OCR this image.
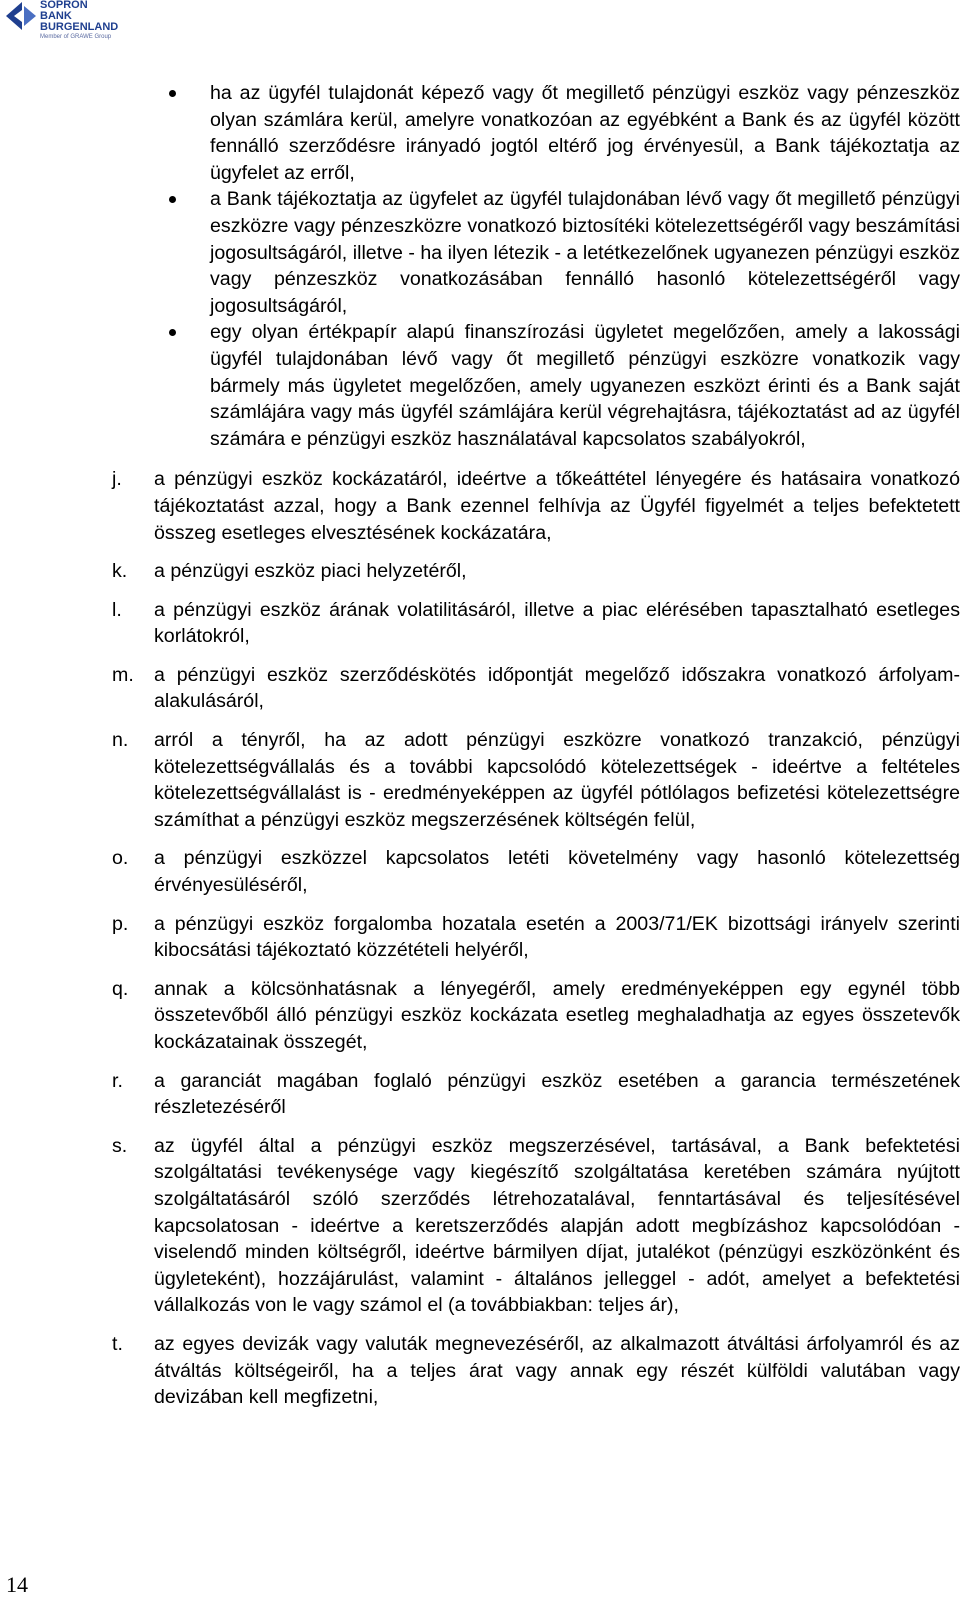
SOPRON
BANK
BURGENLAND
Member of GRAWE Group
ha az ügyfél tulajdonát képező vagy őt megillető pénzügyi eszköz vagy pénzeszköz olyan számlára kerül, amelyre vonatkozóan az egyébként a Bank és az ügyfél között fennálló szerződésre irányadó jogtól eltérő jog érvényesül, a Bank tájékoztatja az ügyfelet az erről,
a Bank tájékoztatja az ügyfelet az ügyfél tulajdonában lévő vagy őt megillető pénzügyi eszközre vagy pénzeszközre vonatkozó biztosítéki kötelezettségéről vagy beszámítási jogosultságáról, illetve - ha ilyen létezik - a letétkezelőnek ugyanezen pénzügyi eszköz vagy pénzeszköz vonatkozásában fennálló hasonló kötelezettségéről vagy jogosultságáról,
egy olyan értékpapír alapú finanszírozási ügyletet megelőzően, amely a lakossági ügyfél tulajdonában lévő vagy őt megillető pénzügyi eszközre vonatkozik vagy bármely más ügyletet megelőzően, amely ugyanezen eszközt érinti és a Bank saját számlájára vagy más ügyfél számlájára kerül végrehajtásra, tájékoztatást ad az ügyfél számára e pénzügyi eszköz használatával kapcsolatos szabályokról,
j. a pénzügyi eszköz kockázatáról, ideértve a tőkeáttétel lényegére és hatásaira vonatkozó tájékoztatást azzal, hogy a Bank ezennel felhívja az Ügyfél figyelmét a teljes befektetett összeg esetleges elvesztésének kockázatára,
k. a pénzügyi eszköz piaci helyzetéről,
l. a pénzügyi eszköz árának volatilitásáról, illetve a piac elérésében tapasztalható esetleges korlátokról,
m. a pénzügyi eszköz szerződéskötés időpontját megelőző időszakra vonatkozó árfolyam-alakulásáról,
n. arról a tényről, ha az adott pénzügyi eszközre vonatkozó tranzakció, pénzügyi kötelezettségvállalás és a további kapcsolódó kötelezettségek - ideértve a feltételes kötelezettségvállalást is - eredményeképpen az ügyfél pótlólagos befizetési kötelezettségre számíthat a pénzügyi eszköz megszerzésének költségén felül,
o. a pénzügyi eszközzel kapcsolatos letéti követelmény vagy hasonló kötelezettség érvényesüléséről,
p. a pénzügyi eszköz forgalomba hozatala esetén a 2003/71/EK bizottsági irányelv szerinti kibocsátási tájékoztató közzétételi helyéről,
q. annak a kölcsönhatásnak a lényegéről, amely eredményeképpen egy egynél több összetevőből álló pénzügyi eszköz kockázata esetleg meghaladhatja az egyes összetevők kockázatainak összegét,
r. a garanciát magában foglaló pénzügyi eszköz esetében a garancia természetének részletezéséről
s. az ügyfél által a pénzügyi eszköz megszerzésével, tartásával, a Bank befektetési szolgáltatási tevékenysége vagy kiegészítő szolgáltatása keretében számára nyújtott szolgáltatásáról szóló szerződés létrehozatalával, fenntartásával és teljesítésével kapcsolatosan - ideértve a keretszerződés alapján adott megbízáshoz kapcsolódóan - viselendő minden költségről, ideértve bármilyen díjat, jutalékot (pénzügyi eszközönként és ügyleteként), hozzájárulást, valamint - általános jelleggel - adót, amelyet a befektetési vállalkozás von le vagy számol el (a továbbiakban: teljes ár),
t. az egyes devizák vagy valuták megnevezéséről, az alkalmazott átváltási árfolyamról és az átváltás költségeiről, ha a teljes árat vagy annak egy részét külföldi valutában vagy devizában kell megfizetni,
14
